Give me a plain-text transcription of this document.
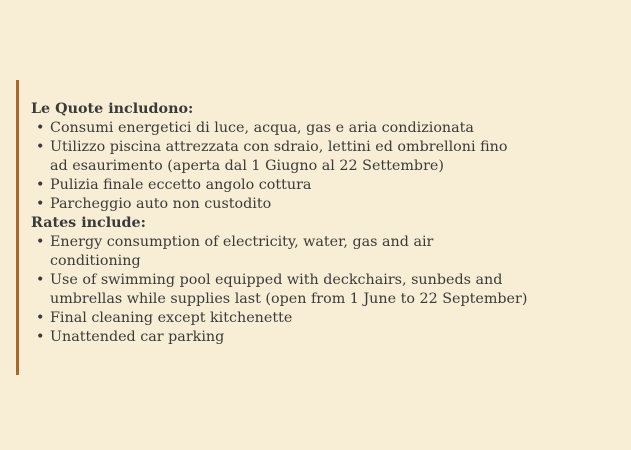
Le Quote includono:
• Consumi energetici di luce, acqua, gas e aria condizionata
• Utilizzo piscina attrezzata con sdraio, lettini ed ombrelloni fino
ad esaurimento (aperta dal 1 Giugno al 22 Settembre)
• Pulizia finale eccetto angolo cottura
• Parcheggio auto non custodito
Rates include:
• Energy consumption of electricity, water, gas and air
conditioning
• Use of swimming pool equipped with deckchairs, sunbeds and
umbrellas while supplies last (open from 1 June to 22 September)
• Final cleaning except kitchenette
• Unattended car parking
